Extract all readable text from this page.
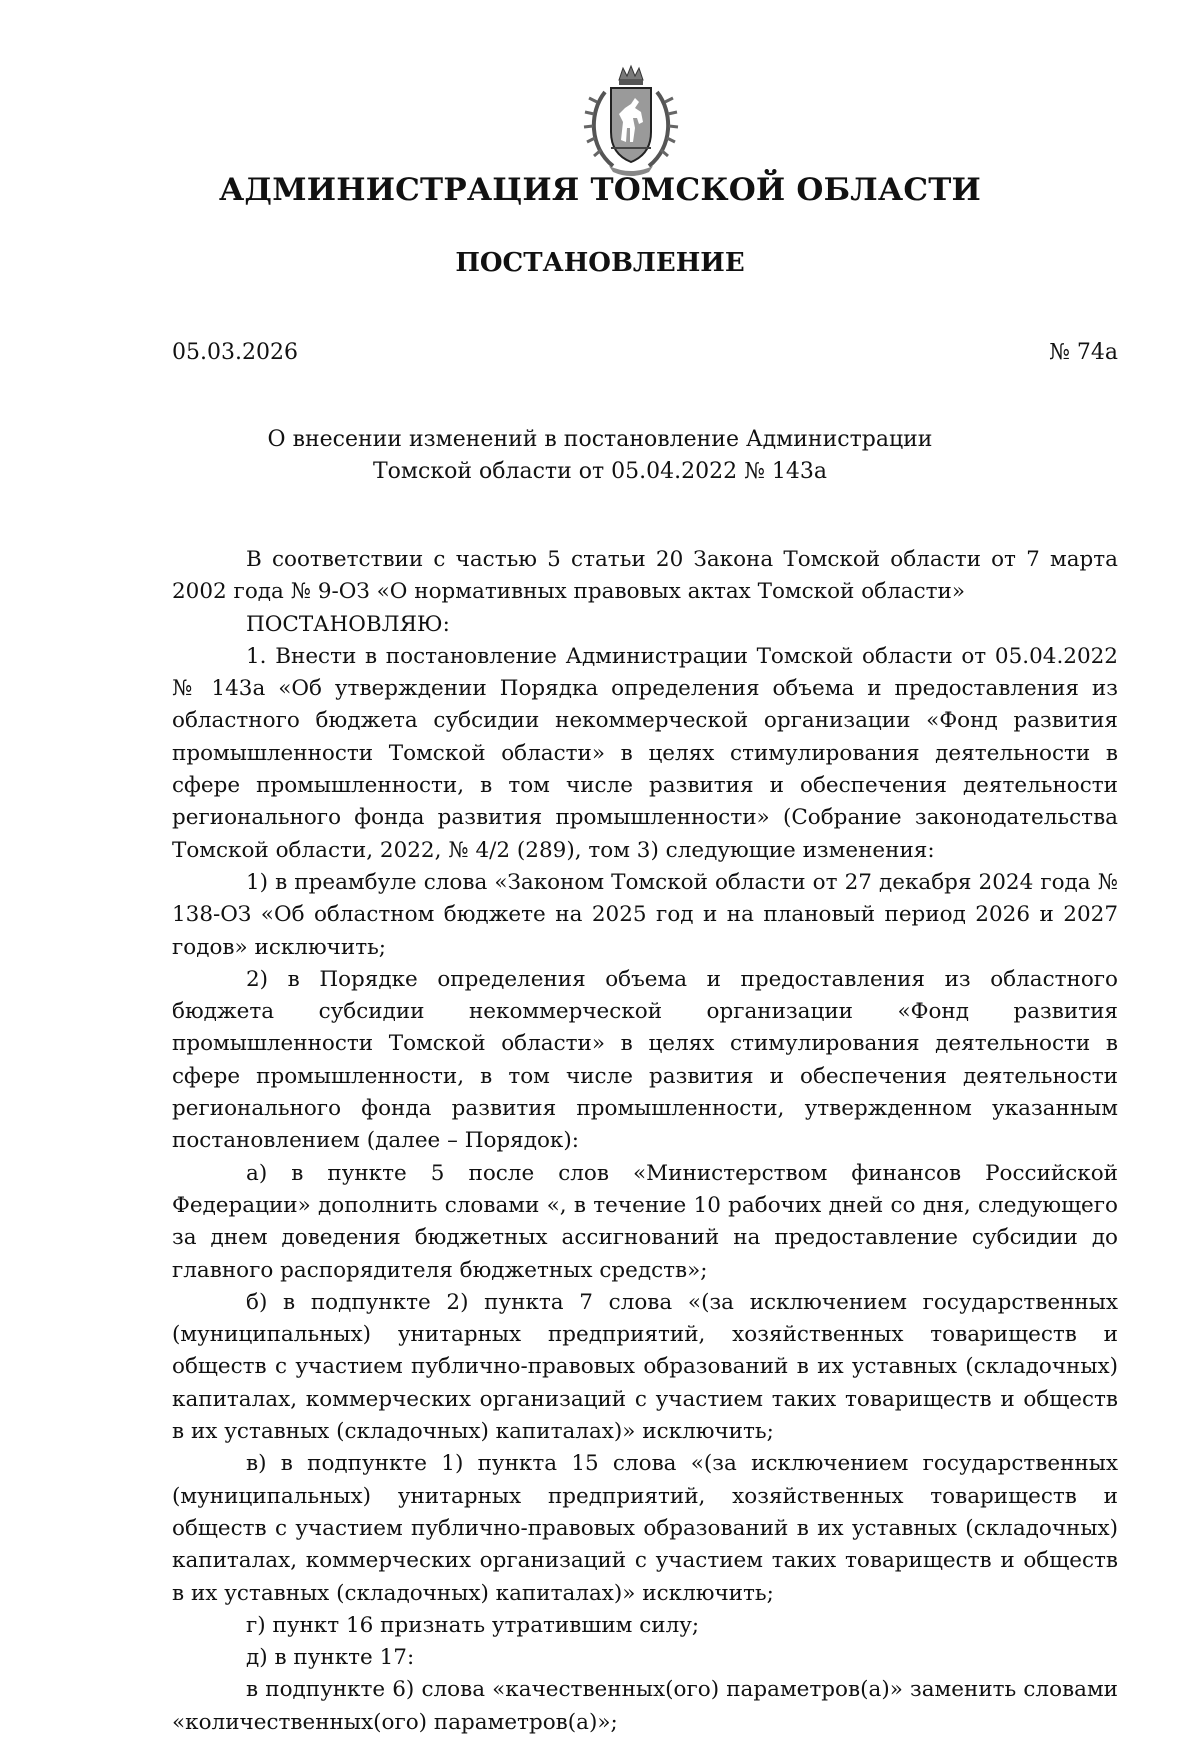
АДМИНИСТРАЦИЯ ТОМСКОЙ ОБЛАСТИ
ПОСТАНОВЛЕНИЕ
05.03.2026	№ 74а
О внесении изменений в постановление Администрации
Томской области от 05.04.2022 № 143а

В соответствии с частью 5 статьи 20 Закона Томской области от 7 марта 2002 года № 9-ОЗ «О нормативных правовых актах Томской области»

ПОСТАНОВЛЯЮ:

1. Внести в постановление Администрации Томской области от 05.04.2022 № 143а «Об утверждении Порядка определения объема и предоставления из областного бюджета субсидии некоммерческой организации «Фонд развития промышленности Томской области» в целях стимулирования деятельности в сфере промышленности, в том числе развития и обеспечения деятельности регионального фонда развития промышленности» (Собрание законодательства Томской области, 2022, № 4/2 (289), том 3) следующие изменения:

1) в преамбуле слова «Законом Томской области от 27 декабря 2024 года № 138-ОЗ «Об областном бюджете на 2025 год и на плановый период 2026 и 2027 годов» исключить;

2) в Порядке определения объема и предоставления из областного бюджета субсидии некоммерческой организации «Фонд развития промышленности Томской области» в целях стимулирования деятельности в сфере промышленности, в том числе развития и обеспечения деятельности регионального фонда развития промышленности, утвержденном указанным постановлением (далее – Порядок):

а) в пункте 5 после слов «Министерством финансов Российской Федерации» дополнить словами «, в течение 10 рабочих дней со дня, следующего за днем доведения бюджетных ассигнований на предоставление субсидии до главного распорядителя бюджетных средств»;

б) в подпункте 2) пункта 7 слова «(за исключением государственных (муниципальных) унитарных предприятий, хозяйственных товариществ и обществ с участием публично-правовых образований в их уставных (складочных) капиталах, коммерческих организаций с участием таких товариществ и обществ в их уставных (складочных) капиталах)» исключить;

в) в подпункте 1) пункта 15 слова «(за исключением государственных (муниципальных) унитарных предприятий, хозяйственных товариществ и обществ с участием публично-правовых образований в их уставных (складочных) капиталах, коммерческих организаций с участием таких товариществ и обществ в их уставных (складочных) капиталах)» исключить;

г) пункт 16 признать утратившим силу;

д) в пункте 17:

в подпункте 6) слова «качественных(ого) параметров(а)» заменить словами «количественных(ого) параметров(а)»;
